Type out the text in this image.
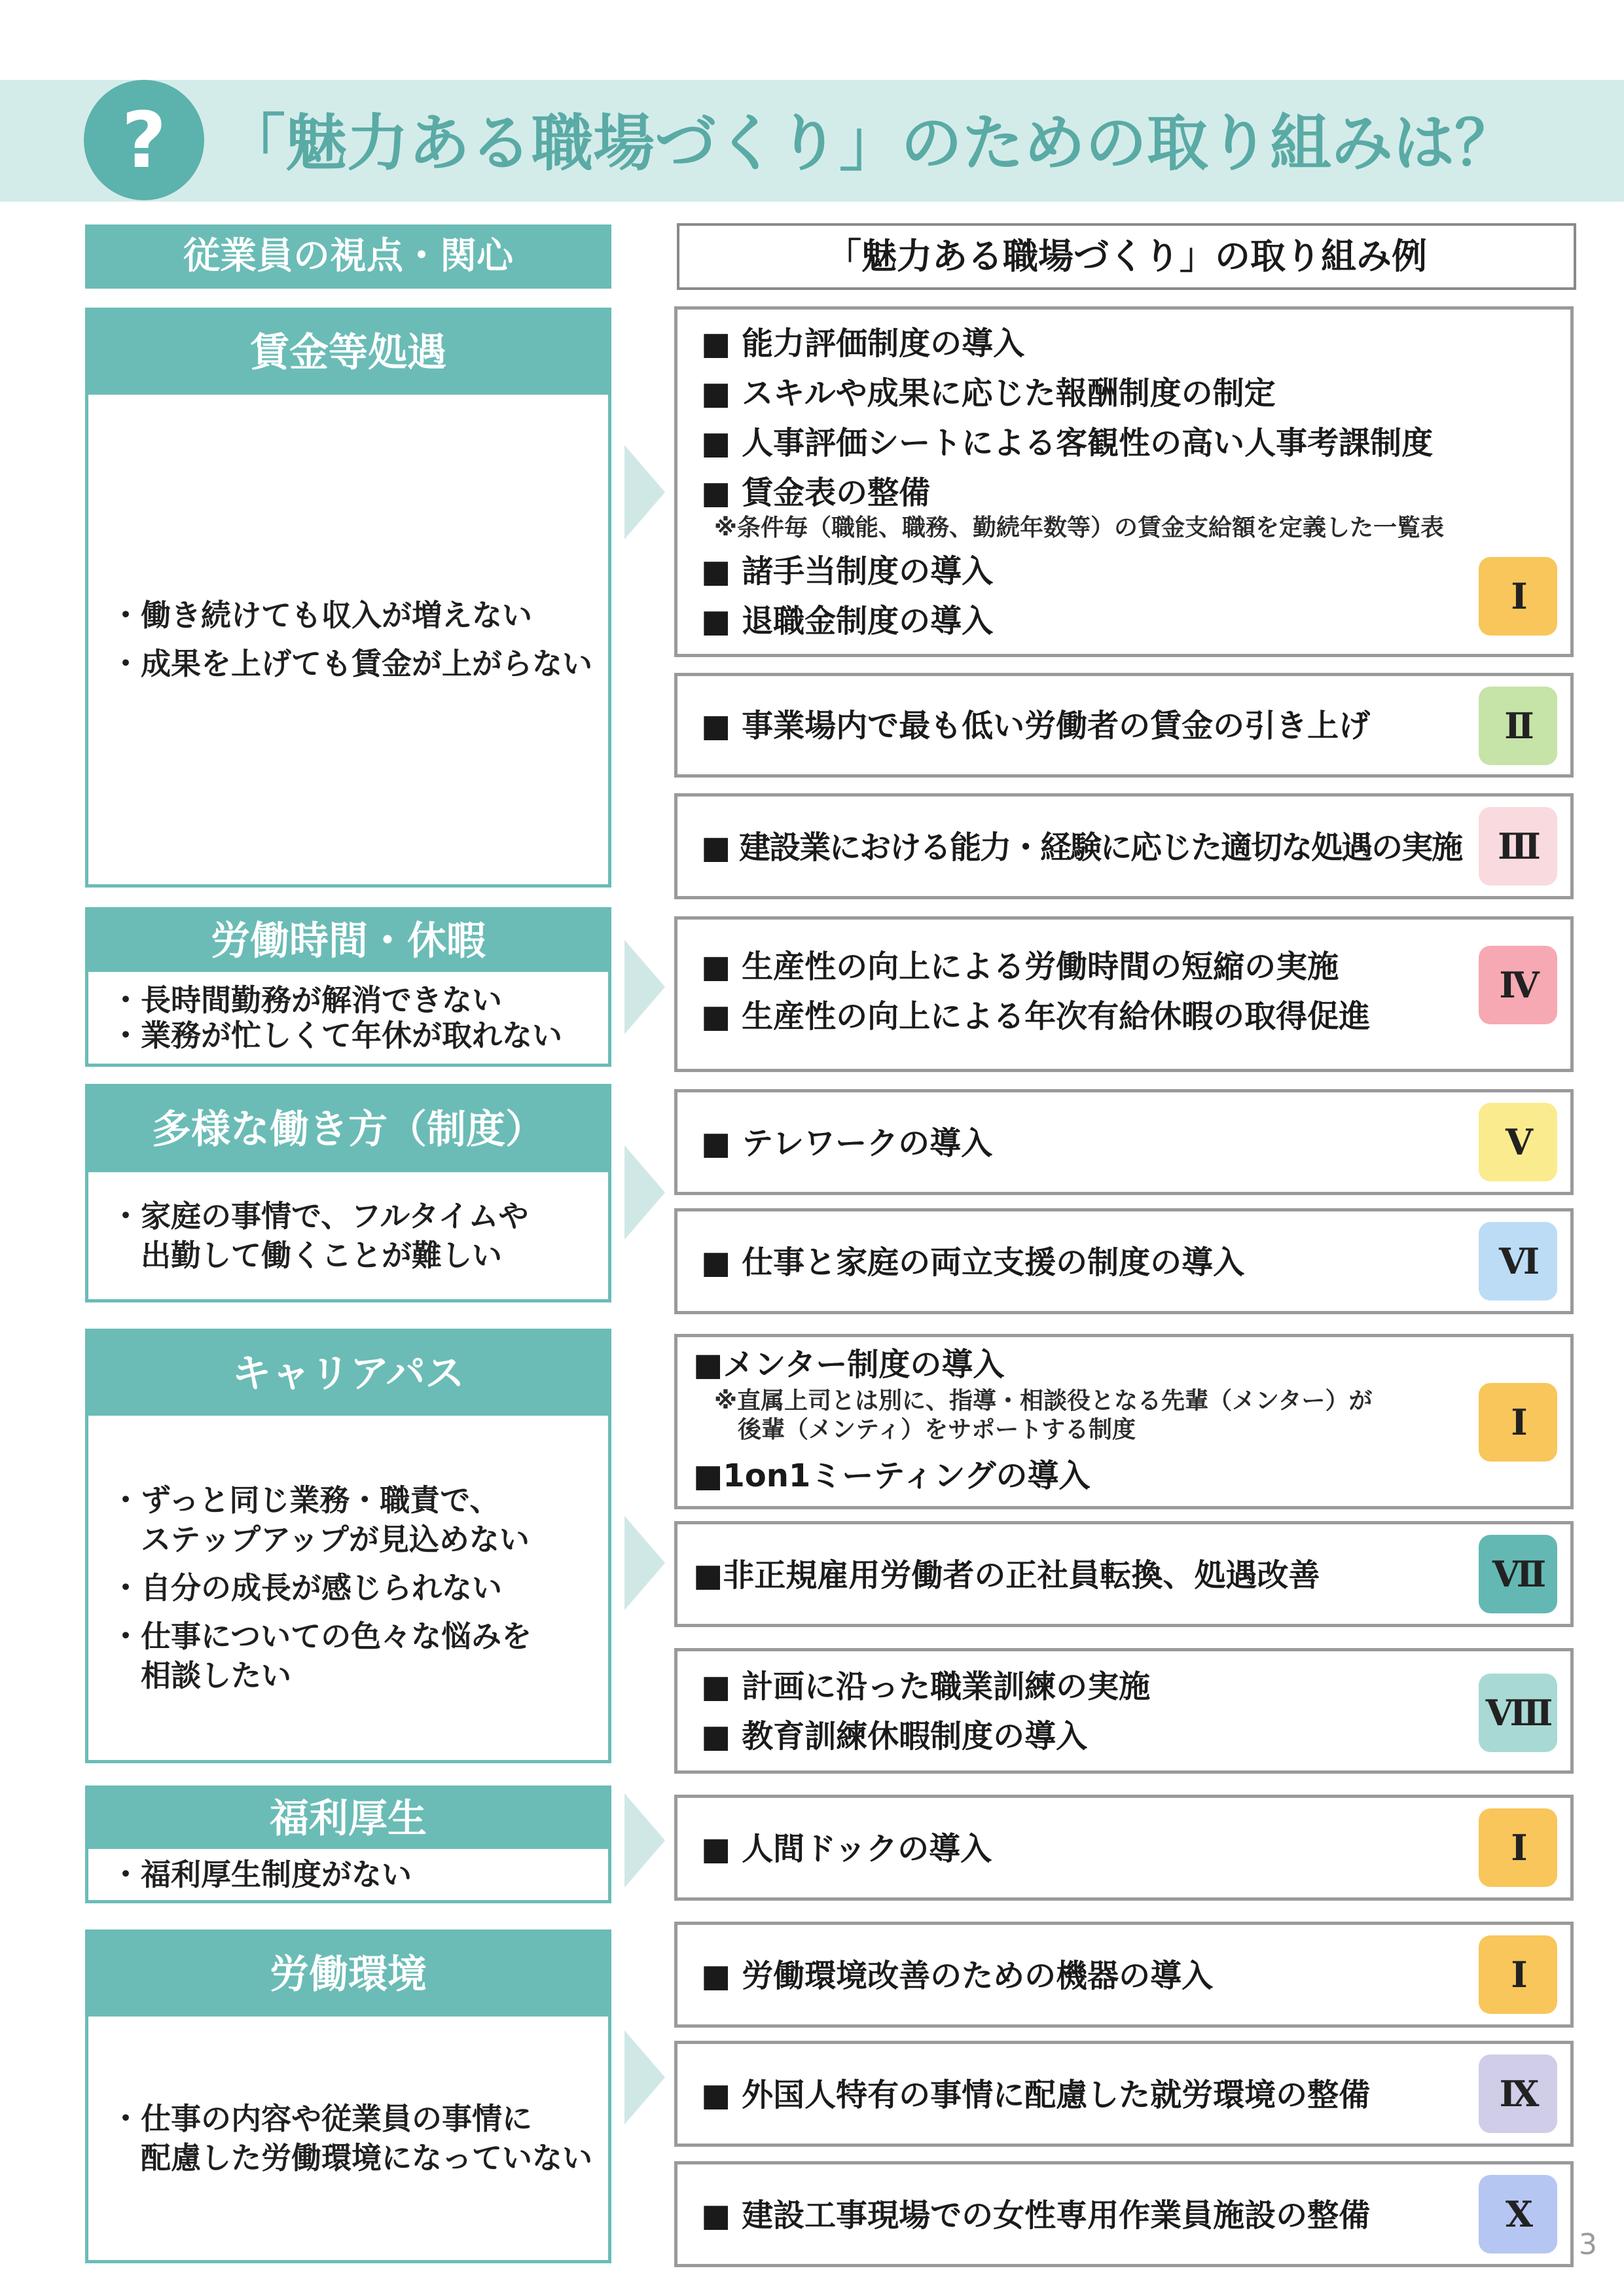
? 「魅力ある職場づくり」のための取り組みは？
従業員の視点・関心	「魅力ある職場づくり」の取り組み例
賃金等処遇
・働き続けても収入が増えない
・成果を上げても賃金が上がらない
労働時間・休暇
・長時間勤務が解消できない
・業務が忙しくて年休が取れない
多様な働き方（制度）
・家庭の事情で、フルタイムや
　出勤して働くことが難しい
キャリアパス
・ずっと同じ業務・職責で、
　ステップアップが見込めない
・自分の成長が感じられない
・仕事についての色々な悩みを
　相談したい
福利厚生
・福利厚生制度がない
労働環境
・仕事の内容や従業員の事情に
　配慮した労働環境になっていない
■ 能力評価制度の導入
■ スキルや成果に応じた報酬制度の制定
■ 人事評価シートによる客観性の高い人事考課制度
■ 賃金表の整備
※条件毎（職能、職務、勤続年数等）の賃金支給額を定義した一覧表
■ 諸手当制度の導入
■ 退職金制度の導入
Ⅰ
■ 事業場内で最も低い労働者の賃金の引き上げ	Ⅱ
■ 建設業における能力・経験に応じた適切な処遇の実施	Ⅲ
■ 生産性の向上による労働時間の短縮の実施
■ 生産性の向上による年次有給休暇の取得促進
Ⅳ
■ テレワークの導入	Ⅴ
■ 仕事と家庭の両立支援の制度の導入	Ⅵ
■メンター制度の導入
※直属上司とは別に、指導・相談役となる先輩（メンター）が
　後輩（メンティ）をサポートする制度
■1on1ミーティングの導入
Ⅰ
■非正規雇用労働者の正社員転換、処遇改善	Ⅶ
■ 計画に沿った職業訓練の実施
■ 教育訓練休暇制度の導入
Ⅷ
■ 人間ドックの導入	Ⅰ
■ 労働環境改善のための機器の導入	Ⅰ
■ 外国人特有の事情に配慮した就労環境の整備	Ⅸ
■ 建設工事現場での女性専用作業員施設の整備	Ⅹ
3
